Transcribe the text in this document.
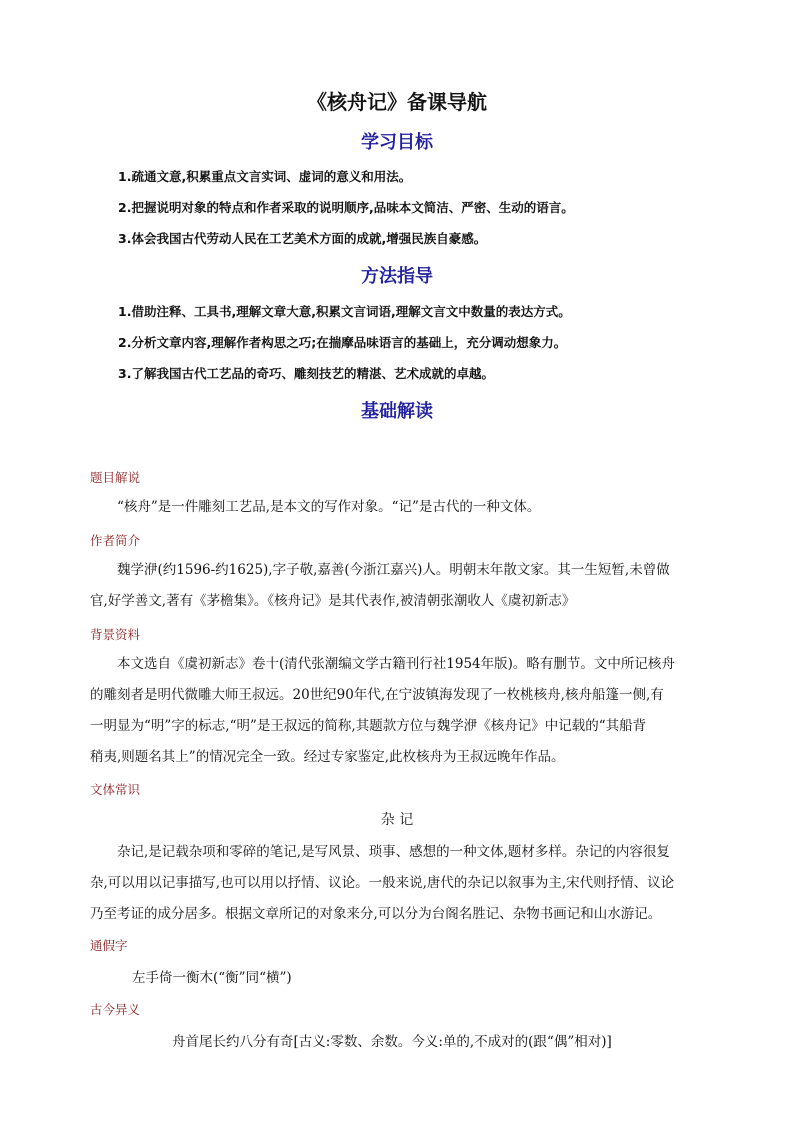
《核舟记》备课导航
学习目标
1.疏通文意,积累重点文言实词、虚词的意义和用法。
2.把握说明对象的特点和作者采取的说明顺序,品味本文简洁、严密、生动的语言。
3.体会我国古代劳动人民在工艺美术方面的成就,增强民族自豪感。
方法指导
1.借助注释、工具书,理解文章大意,积累文言词语,理解文言文中数量的表达方式。
2.分析文章内容,理解作者构思之巧;在揣摩品味语言的基础上，充分调动想象力。
3.了解我国古代工艺品的奇巧、雕刻技艺的精湛、艺术成就的卓越。
基础解读
题目解说
“核舟”是一件雕刻工艺品,是本文的写作对象。“记”是古代的一种文体。
作者简介
魏学洢(约1596-约1625),字子敬,嘉善(今浙江嘉兴)人。明朝末年散文家。其一生短暂,未曾做
官,好学善文,著有《茅檐集》。《核舟记》是其代表作,被清朝张潮收人《虞初新志》
背景资料
本文选自《虞初新志》卷十(清代张潮编文学古籍刊行社1954年版)。略有删节。文中所记核舟
的雕刻者是明代微雕大师王叔远。20世纪90年代,在宁波镇海发现了一枚桃核舟,核舟船篷一侧,有
一明显为“明”字的标志,“明”是王叔远的简称,其题款方位与魏学洢《核舟记》中记载的“其船背
稍夷,则题名其上”的情况完全一致。经过专家鉴定,此枚核舟为王叔远晚年作品。
文体常识
杂 记
杂记,是记载杂项和零碎的笔记,是写风景、琐事、感想的一种文体,题材多样。杂记的内容很复
杂,可以用以记事描写,也可以用以抒情、议论。一般来说,唐代的杂记以叙事为主,宋代则抒情、议论
乃至考证的成分居多。根据文章所记的对象来分,可以分为台阁名胜记、杂物书画记和山水游记。
通假字
左手倚一衡木(“衡”同“横”)
古今异义
舟首尾长约八分有奇[古义:零数、余数。今义:单的,不成对的(跟“偶”相对)]
